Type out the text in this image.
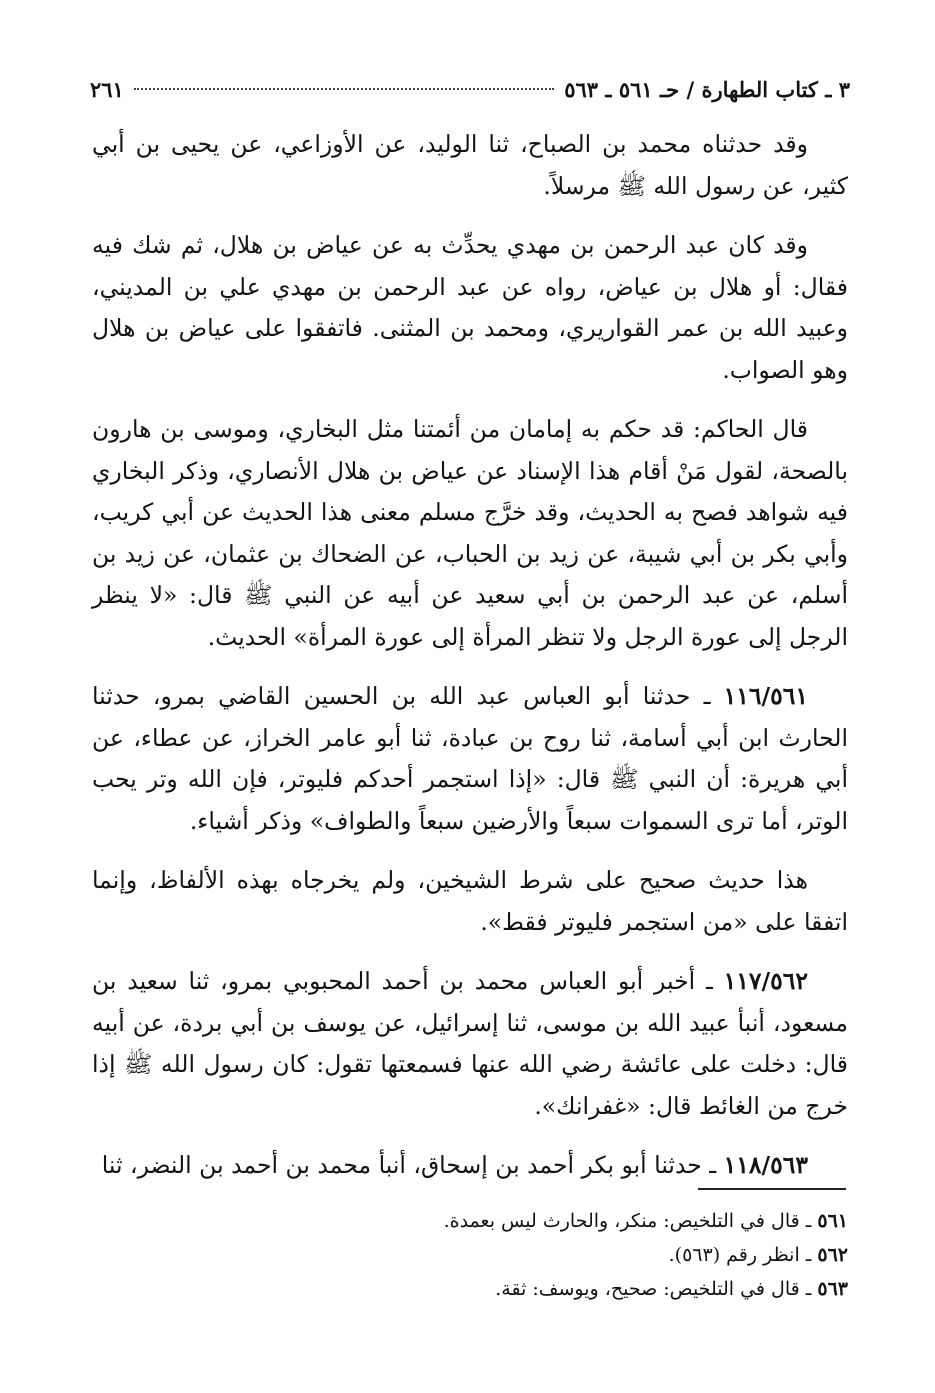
٣ ـ كتاب الطهارة / حـ ٥٦١ ـ ٥٦٣
٢٦١

وقد حدثناه محمد بن الصباح، ثنا الوليد، عن الأوزاعي، عن يحيى بن أبي كثير، عن رسول الله ﷺ مرسلاً.

وقد كان عبد الرحمن بن مهدي يحدِّث به عن عياض بن هلال، ثم شك فيه فقال: أو هلال بن عياض، رواه عن عبد الرحمن بن مهدي علي بن المديني، وعبيد الله بن عمر القواريري، ومحمد بن المثنى. فاتفقوا على عياض بن هلال وهو الصواب.

قال الحاكم: قد حكم به إمامان من أئمتنا مثل البخاري، وموسى بن هارون بالصحة، لقول مَنْ أقام هذا الإسناد عن عياض بن هلال الأنصاري، وذكر البخاري فيه شواهد فصح به الحديث، وقد خرَّج مسلم معنى هذا الحديث عن أبي كريب، وأبي بكر بن أبي شيبة، عن زيد بن الحباب، عن الضحاك بن عثمان، عن زيد بن أسلم، عن عبد الرحمن بن أبي سعيد عن أبيه عن النبي ﷺ قال: «لا ينظر الرجل إلى عورة الرجل ولا تنظر المرأة إلى عورة المرأة» الحديث.

١١٦/٥٦١ ـ حدثنا أبو العباس عبد الله بن الحسين القاضي بمرو، حدثنا الحارث ابن أبي أسامة، ثنا روح بن عبادة، ثنا أبو عامر الخراز، عن عطاء، عن أبي هريرة: أن النبي ﷺ قال: «إذا استجمر أحدكم فليوتر، فإن الله وتر يحب الوتر، أما ترى السموات سبعاً والأرضين سبعاً والطواف» وذكر أشياء.

هذا حديث صحيح على شرط الشيخين، ولم يخرجاه بهذه الألفاظ، وإنما اتفقا على «من استجمر فليوتر فقط».

١١٧/٥٦٢ ـ أخبر أبو العباس محمد بن أحمد المحبوبي بمرو، ثنا سعيد بن مسعود، أنبأ عبيد الله بن موسى، ثنا إسرائيل، عن يوسف بن أبي بردة، عن أبيه قال: دخلت على عائشة رضي الله عنها فسمعتها تقول: كان رسول الله ﷺ إذا خرج من الغائط قال: «غفرانك».

١١٨/٥٦٣ ـ حدثنا أبو بكر أحمد بن إسحاق، أنبأ محمد بن أحمد بن النضر، ثنا

٥٦١ ـ قال في التلخيص: منكر، والحارث ليس بعمدة.

٥٦٢ ـ انظر رقم (٥٦٣).

٥٦٣ ـ قال في التلخيص: صحيح، ويوسف: ثقة.
